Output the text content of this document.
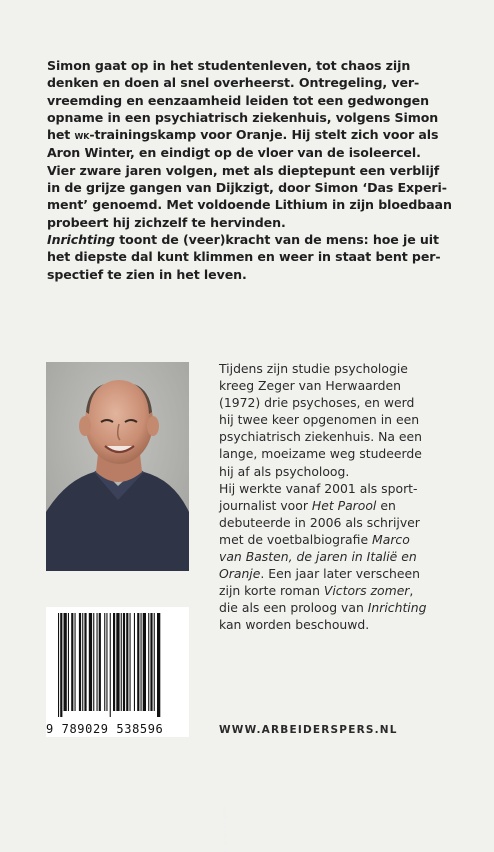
Simon gaat op in het studentenleven, tot chaos zijn
denken en doen al snel overheerst. Ontregeling, ver-
vreemding en eenzaamheid leiden tot een gedwongen
opname in een psychiatrisch ziekenhuis, volgens Simon
het wk-trainingskamp voor Oranje. Hij stelt zich voor als
Aron Winter, en eindigt op de vloer van de isoleercel.
Vier zware jaren volgen, met als dieptepunt een verblijf
in de grijze gangen van Dijkzigt, door Simon ‘Das Experi-
ment’ genoemd. Met voldoende Lithium in zijn bloedbaan
probeert hij zichzelf te hervinden.
Inrichting toont de (veer)kracht van de mens: hoe je uit
het diepste dal kunt klimmen en weer in staat bent per-
spectief te zien in het leven.
© LONA AALDERS
Tijdens zijn studie psychologie
kreeg Zeger van Herwaarden
(1972) drie psychoses, en werd
hij twee keer opgenomen in een
psychiatrisch ziekenhuis. Na een
lange, moeizame weg studeerde
hij af als psycholoog.
Hij werkte vanaf 2001 als sport-
journalist voor Het Parool en
debuteerde in 2006 als schrijver
met de voetbalbiografie Marco
van Basten, de jaren in Italië en
Oranje. Een jaar later verscheen
zijn korte roman Victors zomer,
die als een proloog van Inrichting
kan worden beschouwd.
9 789029 538596	WWW.ARBEIDERSPERS.NL
